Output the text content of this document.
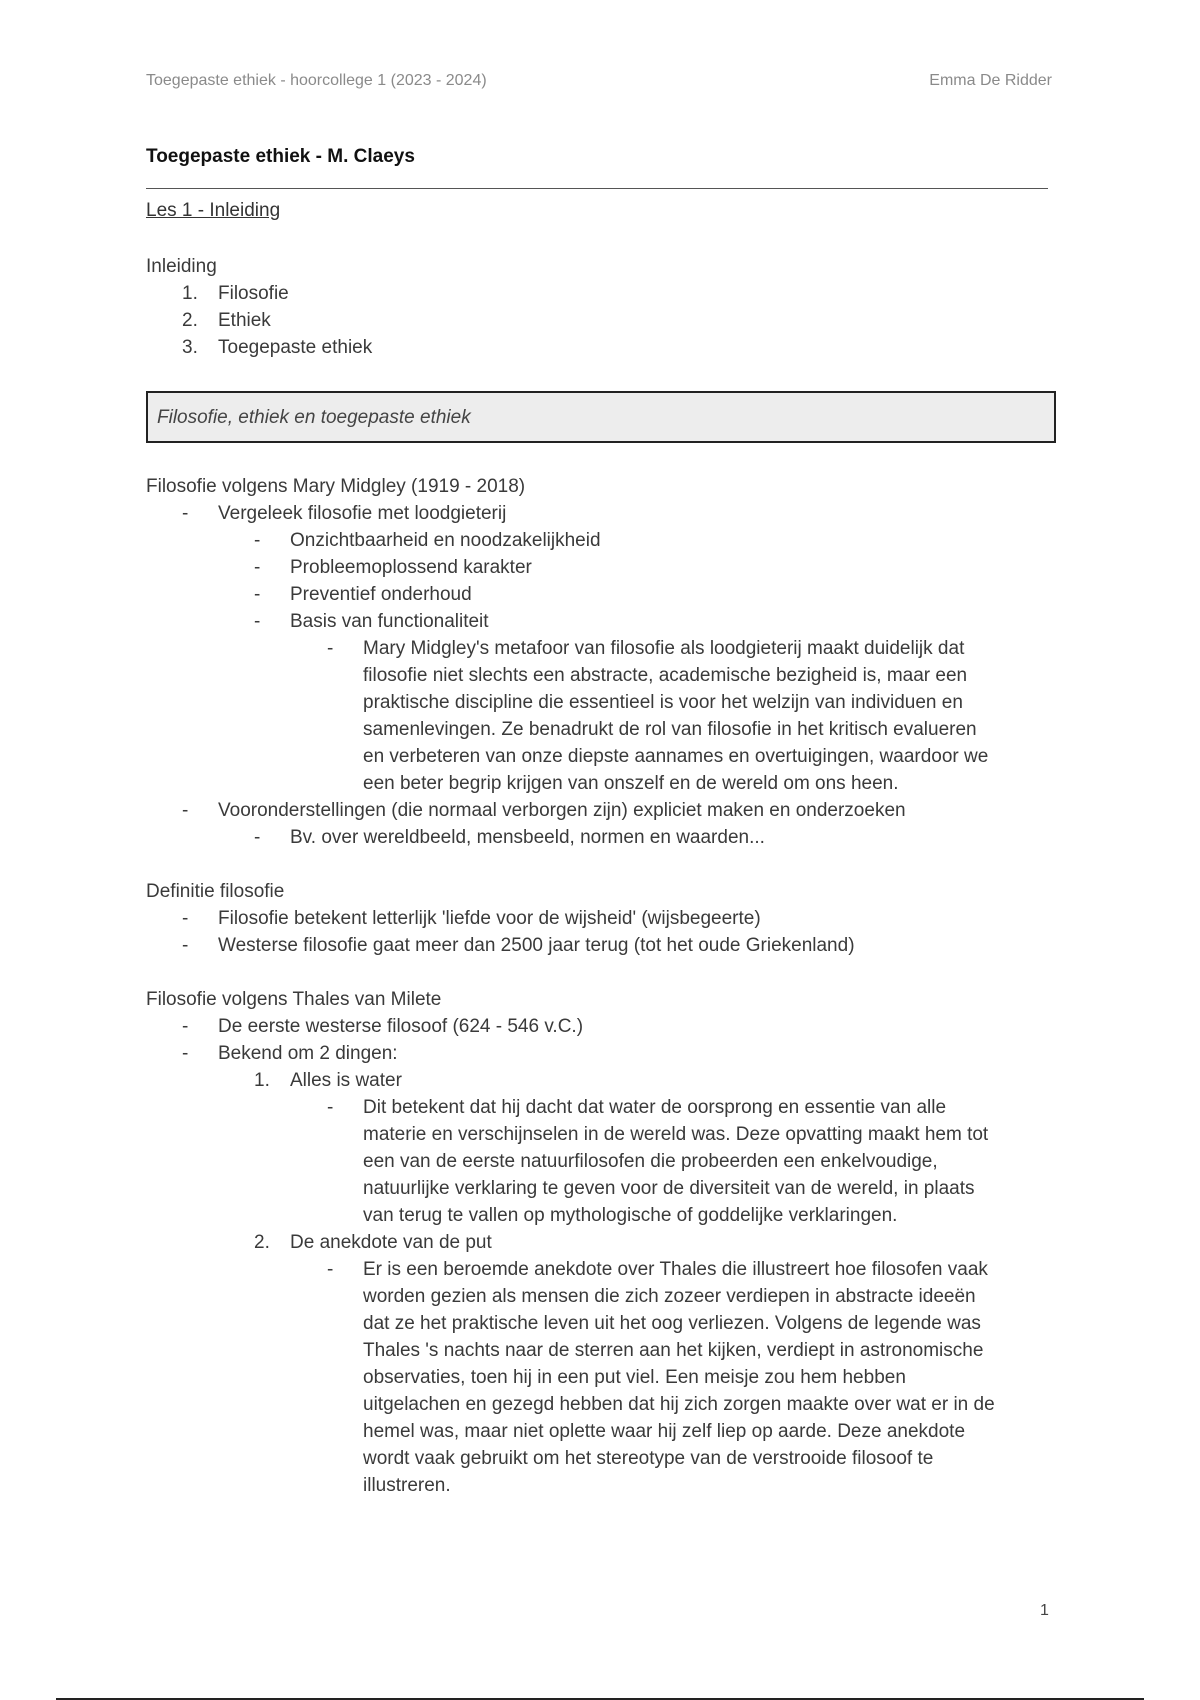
Toegepaste ethiek - hoorcollege 1 (2023 - 2024)	Emma De Ridder
Toegepaste ethiek - M. Claeys
Les 1 - Inleiding
Inleiding
1. Filosofie
2. Ethiek
3. Toegepaste ethiek
Filosofie, ethiek en toegepaste ethiek
Filosofie volgens Mary Midgley (1919 - 2018)
- Vergeleek filosofie met loodgieterij
- Onzichtbaarheid en noodzakelijkheid
- Probleemoplossend karakter
- Preventief onderhoud
- Basis van functionaliteit
- Mary Midgley's metafoor van filosofie als loodgieterij maakt duidelijk dat
filosofie niet slechts een abstracte, academische bezigheid is, maar een
praktische discipline die essentieel is voor het welzijn van individuen en
samenlevingen. Ze benadrukt de rol van filosofie in het kritisch evalueren
en verbeteren van onze diepste aannames en overtuigingen, waardoor we
een beter begrip krijgen van onszelf en de wereld om ons heen.
- Vooronderstellingen (die normaal verborgen zijn) expliciet maken en onderzoeken
- Bv. over wereldbeeld, mensbeeld, normen en waarden...
Definitie filosofie
- Filosofie betekent letterlijk 'liefde voor de wijsheid' (wijsbegeerte)
- Westerse filosofie gaat meer dan 2500 jaar terug (tot het oude Griekenland)
Filosofie volgens Thales van Milete
- De eerste westerse filosoof (624 - 546 v.C.)
- Bekend om 2 dingen:
1. Alles is water
- Dit betekent dat hij dacht dat water de oorsprong en essentie van alle
materie en verschijnselen in de wereld was. Deze opvatting maakt hem tot
een van de eerste natuurfilosofen die probeerden een enkelvoudige,
natuurlijke verklaring te geven voor de diversiteit van de wereld, in plaats
van terug te vallen op mythologische of goddelijke verklaringen.
2. De anekdote van de put
- Er is een beroemde anekdote over Thales die illustreert hoe filosofen vaak
worden gezien als mensen die zich zozeer verdiepen in abstracte ideeën
dat ze het praktische leven uit het oog verliezen. Volgens de legende was
Thales 's nachts naar de sterren aan het kijken, verdiept in astronomische
observaties, toen hij in een put viel. Een meisje zou hem hebben
uitgelachen en gezegd hebben dat hij zich zorgen maakte over wat er in de
hemel was, maar niet oplette waar hij zelf liep op aarde. Deze anekdote
wordt vaak gebruikt om het stereotype van de verstrooide filosoof te
illustreren.
1
